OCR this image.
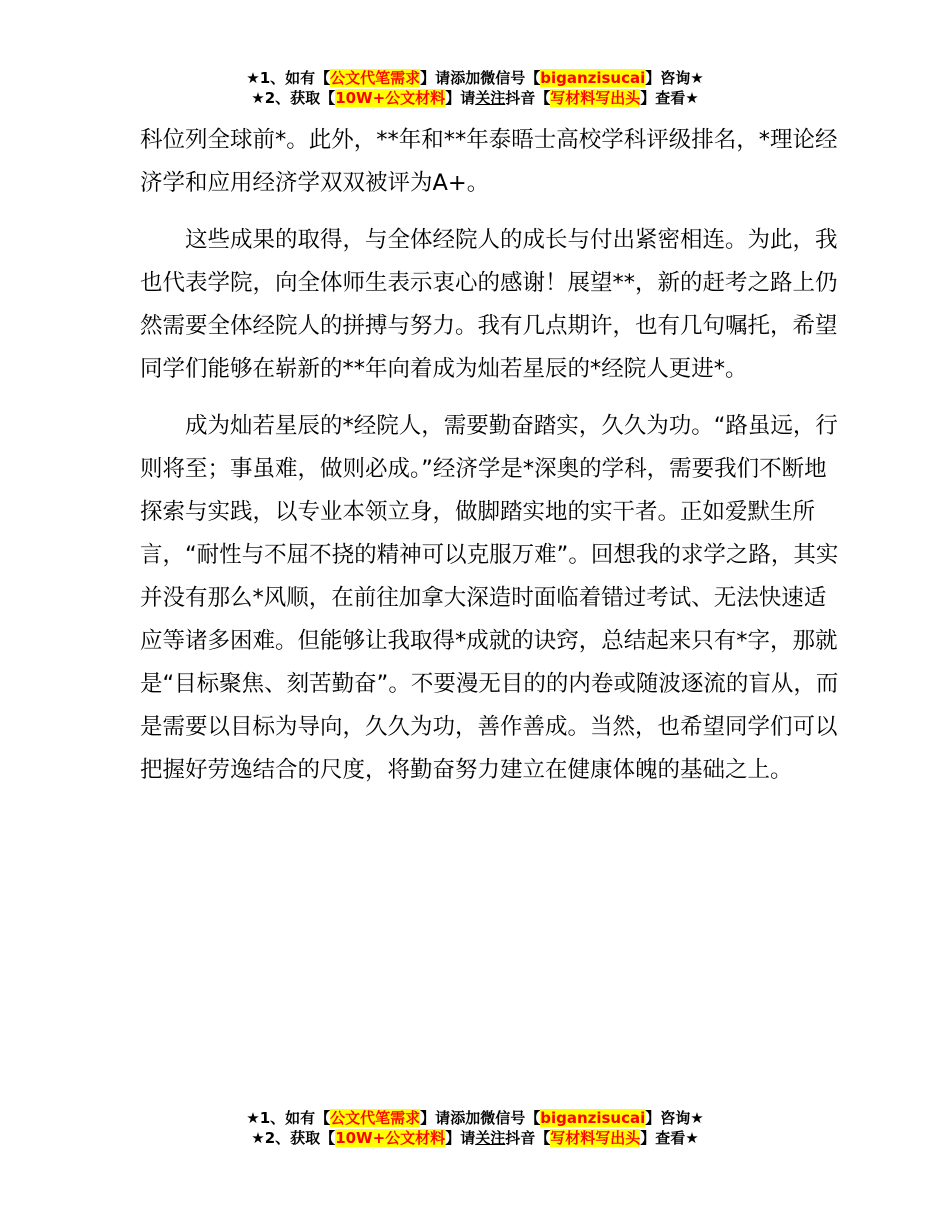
★1、如有【公文代笔需求】请添加微信号【biganzisucai】咨询★
★2、获取【10W+公文材料】请关注抖音【写材料写出头】查看★

科位列全球前*。此外，**年和**年泰晤士高校学科评级排名，*理论经济学和应用经济学双双被评为A+。

这些成果的取得，与全体经院人的成长与付出紧密相连。为此，我也代表学院，向全体师生表示衷心的感谢！展望**，新的赶考之路上仍然需要全体经院人的拼搏与努力。我有几点期许，也有几句嘱托，希望同学们能够在崭新的**年向着成为灿若星辰的*经院人更进*。

成为灿若星辰的*经院人，需要勤奋踏实，久久为功。“路虽远，行则将至；事虽难，做则必成。”经济学是*深奥的学科，需要我们不断地探索与实践，以专业本领立身，做脚踏实地的实干者。正如爱默生所言，“耐性与不屈不挠的精神可以克服万难”。回想我的求学之路，其实并没有那么*风顺，在前往加拿大深造时面临着错过考试、无法快速适应等诸多困难。但能够让我取得*成就的诀窍，总结起来只有*字，那就是“目标聚焦、刻苦勤奋”。不要漫无目的的内卷或随波逐流的盲从，而是需要以目标为导向，久久为功，善作善成。当然，也希望同学们可以把握好劳逸结合的尺度，将勤奋努力建立在健康体魄的基础之上。

★1、如有【公文代笔需求】请添加微信号【biganzisucai】咨询★
★2、获取【10W+公文材料】请关注抖音【写材料写出头】查看★
